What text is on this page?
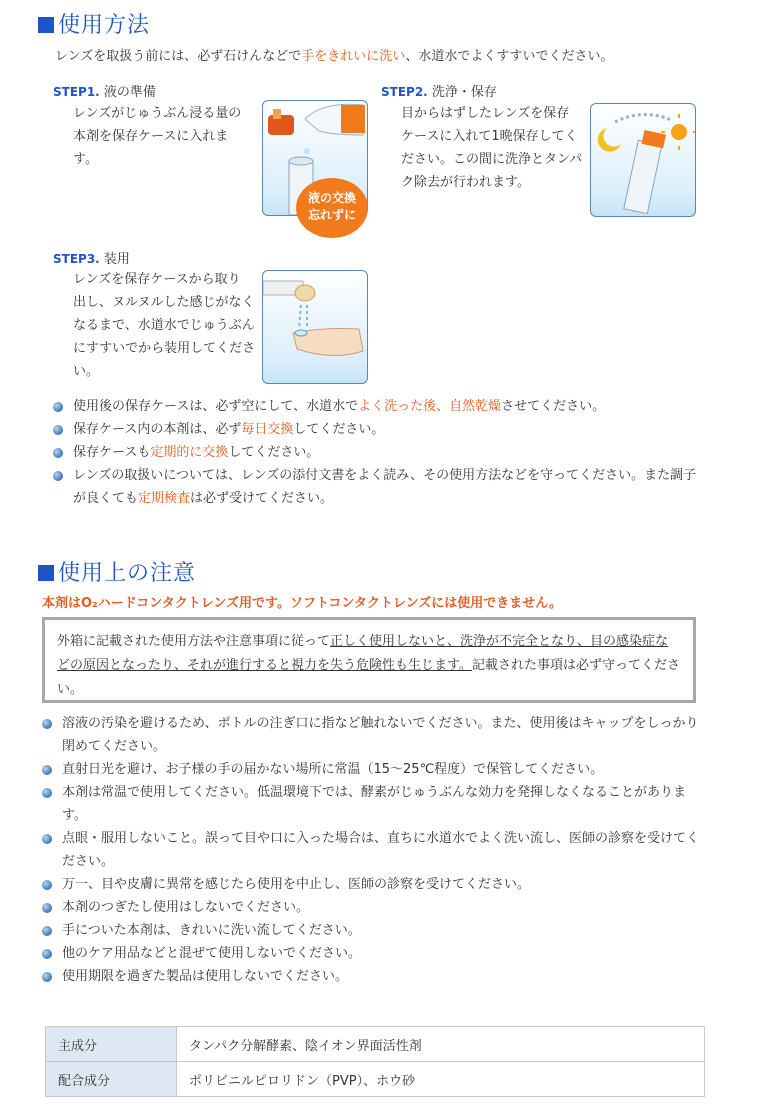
使用方法
レンズを取扱う前には、必ず石けんなどで手をきれいに洗い、水道水でよくすすいでください。
STEP1. 液の準備
レンズがじゅうぶん浸る量の
本剤を保存ケースに入れま
す。
液の交換
忘れずに
STEP2. 洗浄・保存
目からはずしたレンズを保存
ケースに入れて1晩保存してく
ださい。この間に洗浄とタンパ
ク除去が行われます。
STEP3. 装用
レンズを保存ケースから取り
出し、ヌルヌルした感じがなく
なるまで、水道水でじゅうぶん
にすすいでから装用してくださ
い。
使用後の保存ケースは、必ず空にして、水道水でよく洗った後、自然乾燥させてください。
保存ケース内の本剤は、必ず毎日交換してください。
保存ケースも定期的に交換してください。
レンズの取扱いについては、レンズの添付文書をよく読み、その使用方法などを守ってください。また調子が良くても定期検査は必ず受けてください。
使用上の注意
本剤はO₂ハードコンタクトレンズ用です。ソフトコンタクトレンズには使用できません。
外箱に記載された使用方法や注意事項に従って正しく使用しないと、洗浄が不完全となり、目の感染症などの原因となったり、それが進行すると視力を失う危険性も生じます。記載された事項は必ず守ってください。
溶液の汚染を避けるため、ボトルの注ぎ口に指など触れないでください。また、使用後はキャップをしっかり閉めてください。
直射日光を避け、お子様の手の届かない場所に常温（15〜25℃程度）で保管してください。
本剤は常温で使用してください。低温環境下では、酵素がじゅうぶんな効力を発揮しなくなることがあります。
点眼・服用しないこと。誤って目や口に入った場合は、直ちに水道水でよく洗い流し、医師の診察を受けてください。
万一、目や皮膚に異常を感じたら使用を中止し、医師の診察を受けてください。
本剤のつぎたし使用はしないでください。
手についた本剤は、きれいに洗い流してください。
他のケア用品などと混ぜて使用しないでください。
使用期限を過ぎた製品は使用しないでください。
主成分	タンパク分解酵素、陰イオン界面活性剤
配合成分	ポリビニルピロリドン（PVP）、ホウ砂
